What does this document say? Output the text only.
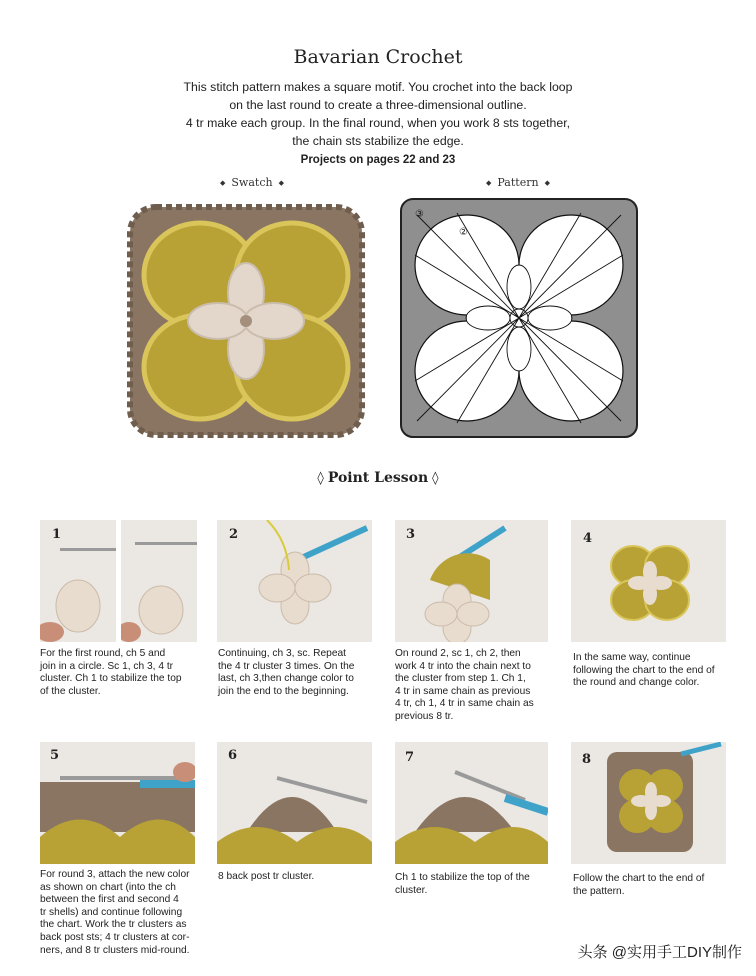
Bavarian Crochet
This stitch pattern makes a square motif. You crochet into the back loop
on the last round to create a three-dimensional outline.
4 tr make each group. In the final round, when you work 8 sts together,
the chain sts stabilize the edge.
Projects on pages 22 and 23
◆ Swatch ◆	◆ Pattern ◆
③
②
◊ Point Lesson ◊
1
For the first round, ch 5 and
join in a circle. Sc 1, ch 3, 4 tr
cluster. Ch 1 to stabilize the top
of the cluster.
2
Continuing, ch 3, sc. Repeat
the 4 tr cluster 3 times. On the
last, ch 3,then change color to
join the end to the beginning.
3
On round 2, sc 1, ch 2, then
work 4 tr into the chain next to
the cluster from step 1. Ch 1,
4 tr in same chain as previous
4 tr, ch 1, 4 tr in same chain as
previous 8 tr.
4
In the same way, continue
following the chart to the end of
the round and change color.
5
For round 3, attach the new color
as shown on chart (into the ch
between the first and second 4
tr shells) and continue following
the chart. Work the tr clusters as
back post sts; 4 tr clusters at cor-
ners, and 8 tr clusters mid-round.
6
8 back post tr cluster.
7
Ch 1 to stabilize the top of the
cluster.
8
Follow the chart to the end of
the pattern.
头条 @实用手工DIY制作
